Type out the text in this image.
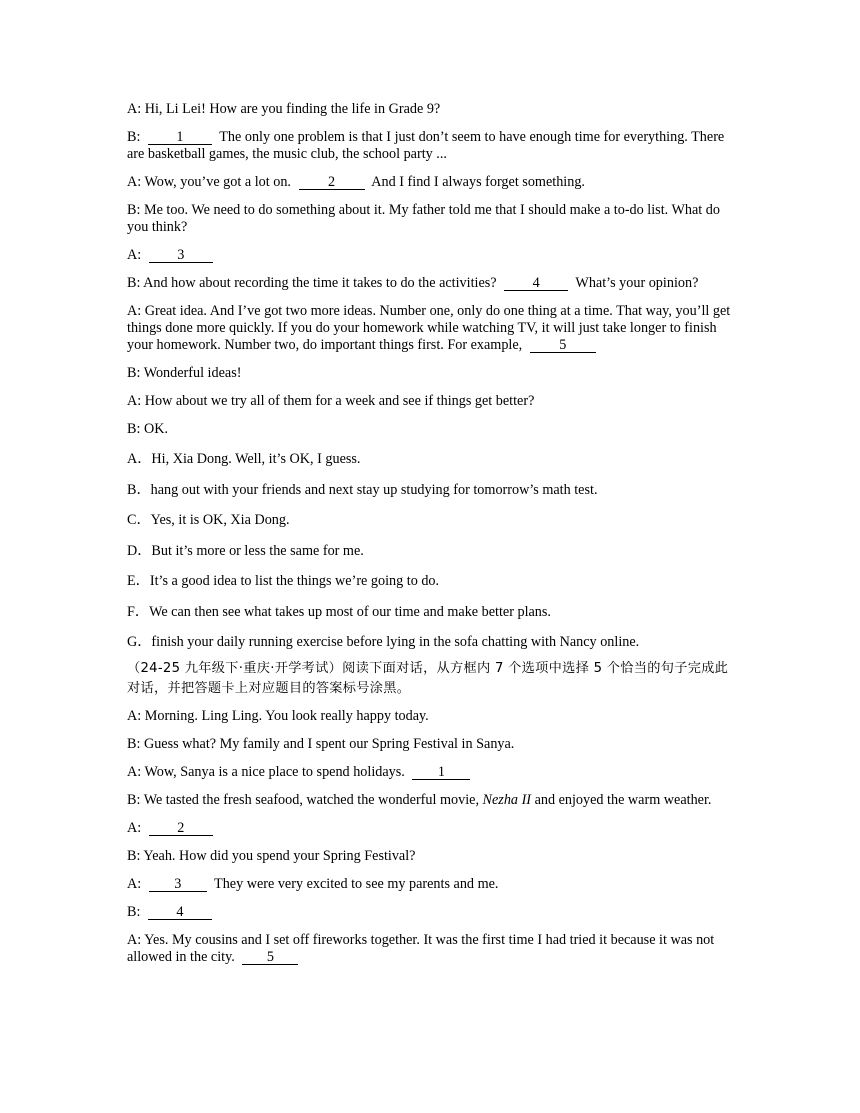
A: Hi, Li Lei! How are you finding the life in Grade 9?

B: 1 The only one problem is that I just don’t seem to have enough time for everything. There are basketball games, the music club, the school party ...

A: Wow, you’ve got a lot on. 2 And I find I always forget something.

B: Me too. We need to do something about it. My father told me that I should make a to-do list. What do you think?

A: 3

B: And how about recording the time it takes to do the activities? 4 What’s your opinion?

A: Great idea. And I’ve got two more ideas. Number one, only do one thing at a time. That way, you’ll get things done more quickly. If you do your homework while watching TV, it will just take longer to finish your homework. Number two, do important things first. For example, 5

B: Wonderful ideas!

A: How about we try all of them for a week and see if things get better?

B: OK.

A．Hi, Xia Dong. Well, it’s OK, I guess.

B．hang out with your friends and next stay up studying for tomorrow’s math test.

C．Yes, it is OK, Xia Dong.

D．But it’s more or less the same for me.

E．It’s a good idea to list the things we’re going to do.

F．We can then see what takes up most of our time and make better plans.

G．finish your daily running exercise before lying in the sofa chatting with Nancy online.

（24-25 九年级下·重庆·开学考试）阅读下面对话，从方框内 7 个选项中选择 5 个恰当的句子完成此对话，并把答题卡上对应题目的答案标号涂黑。

A: Morning. Ling Ling. You look really happy today.

B: Guess what? My family and I spent our Spring Festival in Sanya.

A: Wow, Sanya is a nice place to spend holidays. 1

B: We tasted the fresh seafood, watched the wonderful movie, Nezha II and enjoyed the warm weather.

A: 2

B: Yeah. How did you spend your Spring Festival?

A: 3 They were very excited to see my parents and me.

B: 4

A: Yes. My cousins and I set off fireworks together. It was the first time I had tried it because it was not allowed in the city. 5
